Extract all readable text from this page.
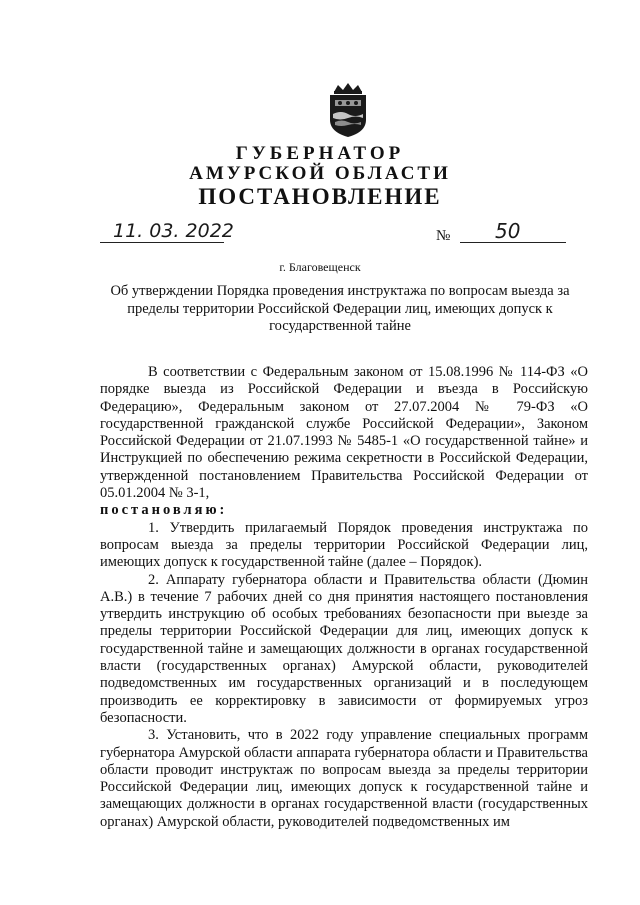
ГУБЕРНАТОР
АМУРСКОЙ ОБЛАСТИ
ПОСТАНОВЛЕНИЕ
11. 03. 2022	№ 50
г. Благовещенск
Об утверждении Порядка проведения инструктажа по вопросам выезда за пределы территории Российской Федерации лиц, имеющих допуск к государственной тайне

В соответствии с Федеральным законом от 15.08.1996 № 114-ФЗ «О порядке выезда из Российской Федерации и въезда в Российскую Федерацию», Федеральным законом от 27.07.2004 № 79-ФЗ «О государственной гражданской службе Российской Федерации», Законом Российской Федерации от 21.07.1993 № 5485-1 «О государственной тайне» и Инструкцией по обеспечению режима секретности в Российской Федерации, утвержденной постановлением Правительства Российской Федерации от 05.01.2004 № 3-1,

постановляю:

1. Утвердить прилагаемый Порядок проведения инструктажа по вопросам выезда за пределы территории Российской Федерации лиц, имеющих допуск к государственной тайне (далее – Порядок).

2. Аппарату губернатора области и Правительства области (Дюмин А.В.) в течение 7 рабочих дней со дня принятия настоящего постановления утвердить инструкцию об особых требованиях безопасности при выезде за пределы территории Российской Федерации для лиц, имеющих допуск к государственной тайне и замещающих должности в органах государственной власти (государственных органах) Амурской области, руководителей подведомственных им государственных организаций и в последующем производить ее корректировку в зависимости от формируемых угроз безопасности.

3. Установить, что в 2022 году управление специальных программ губернатора Амурской области аппарата губернатора области и Правительства области проводит инструктаж по вопросам выезда за пределы территории Российской Федерации лиц, имеющих допуск к государственной тайне и замещающих должности в органах государственной власти (государственных органах) Амурской области, руководителей подведомственных им
